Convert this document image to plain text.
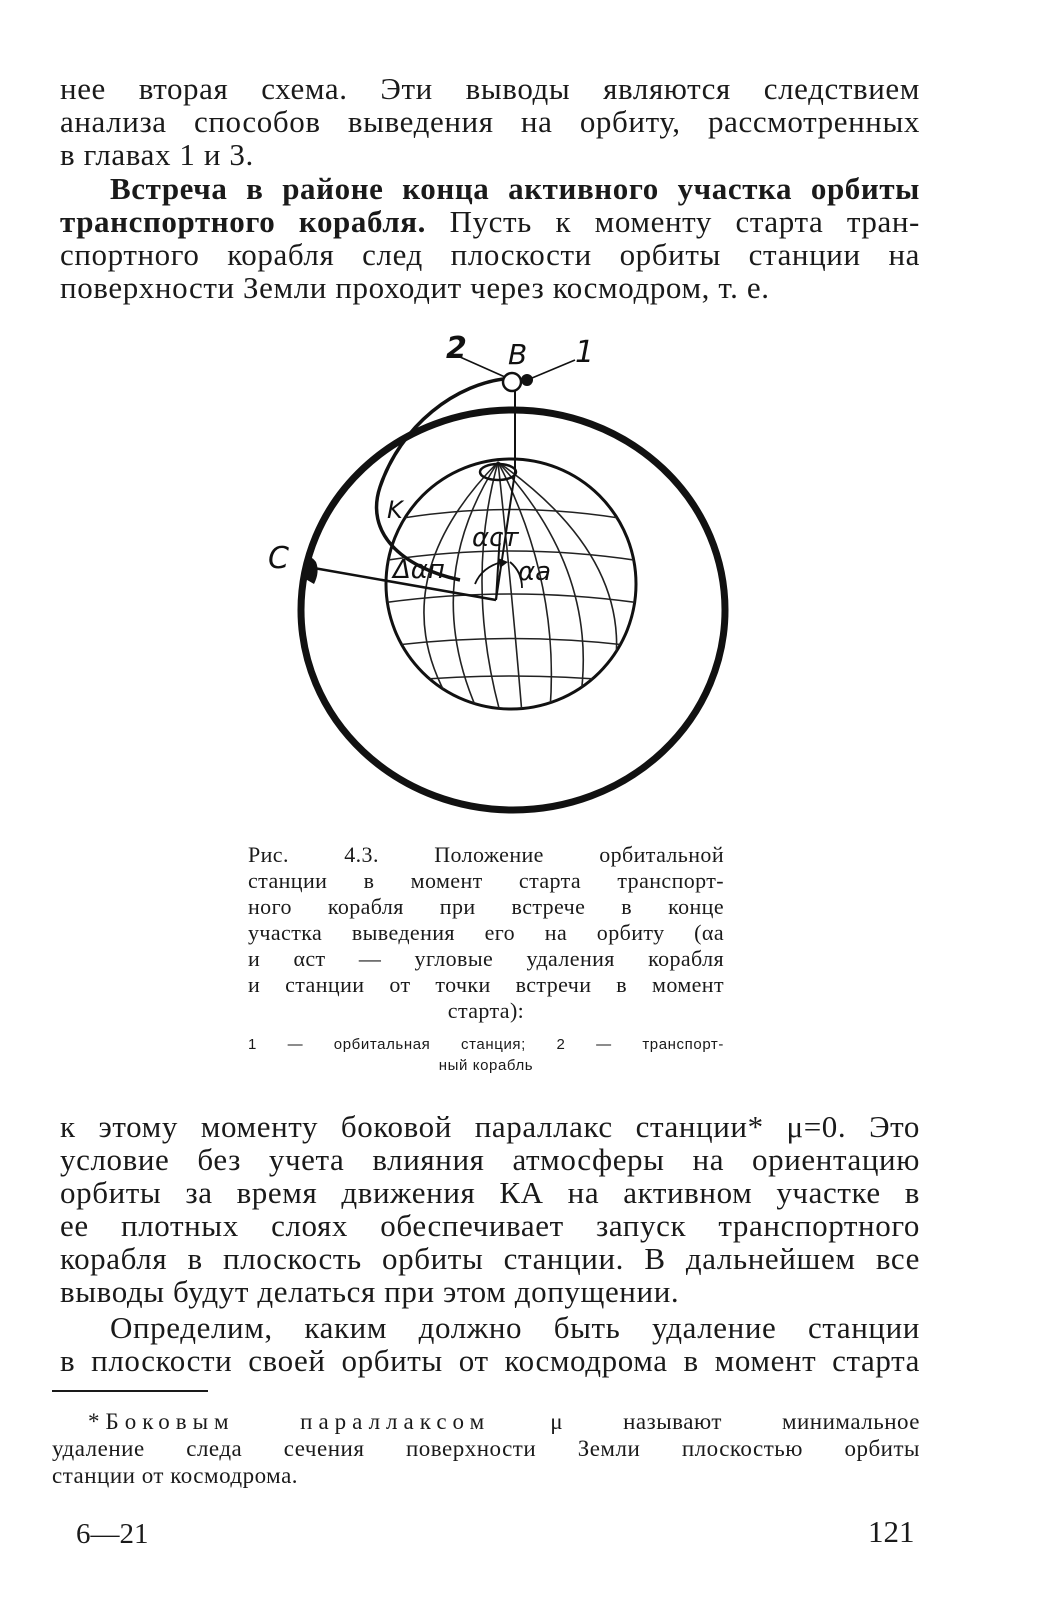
нее вторая схема. Эти выводы являются следствием
анализа способов выведения на орбиту, рассмотренных
в главах 1 и 3.
Встреча в районе конца активного участка орбиты
транспортного корабля. Пусть к моменту старта тран-
спортного корабля след плоскости орбиты станции на
поверхности Земли проходит через космодром, т. е.
2 B 1
C
K
αст
Δαп	αа
Рис. 4.3. Положение орбитальной
станции в момент старта транспорт-
ного корабля при встрече в конце
участка выведения его на орбиту (αа
и αст — угловые удаления корабля
и станции от точки встречи в момент
старта):
1 — орбитальная станция; 2 — транспорт-
ный корабль
к этому моменту боковой параллакс станции* μ=0. Это
условие без учета влияния атмосферы на ориентацию
орбиты за время движения КА на активном участке в
ее плотных слоях обеспечивает запуск транспортного
корабля в плоскость орбиты станции. В дальнейшем все
выводы будут делаться при этом допущении.
Определим, каким должно быть удаление станции
в плоскости своей орбиты от космодрома в момент старта
*Боковым параллаксом	μ называют минимальное
удаление следа сечения поверхности Земли плоскостью орбиты
станции от космодрома.
6—21	121
